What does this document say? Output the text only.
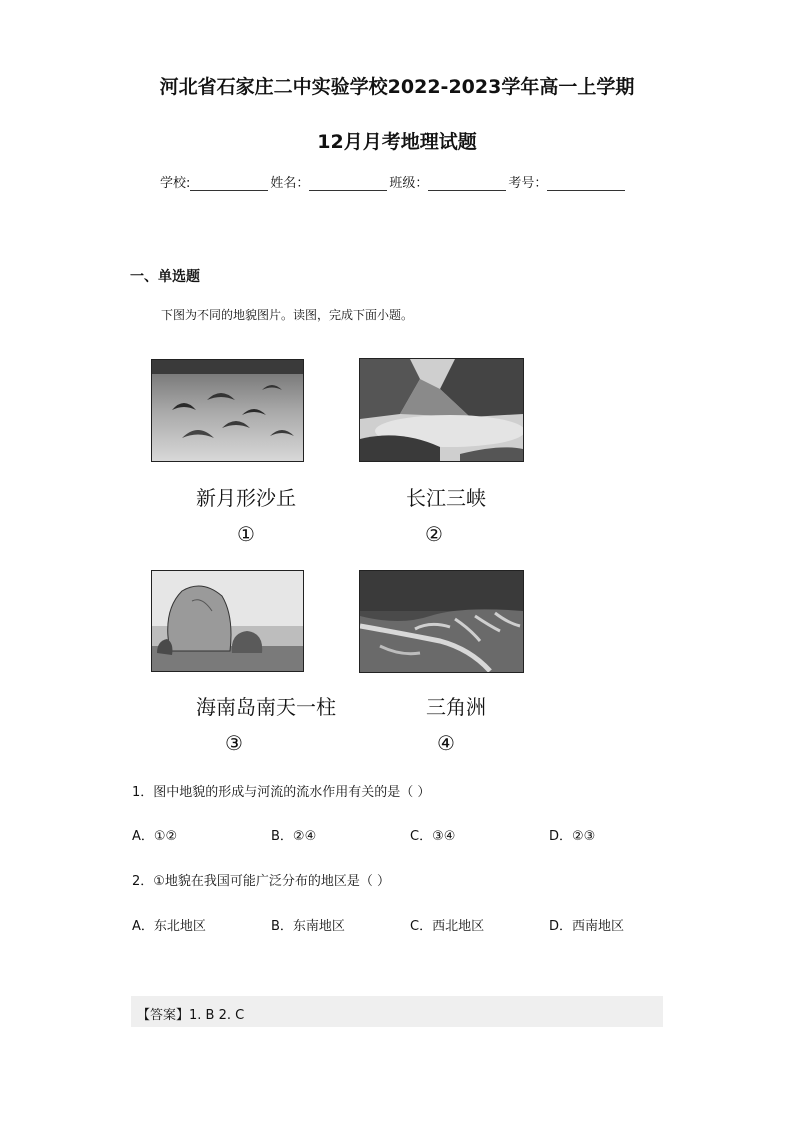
河北省石家庄二中实验学校2022-2023学年高一上学期
12月月考地理试题
学校:	姓名：	班级：	考号：
一、单选题
下图为不同的地貌图片。读图，完成下面小题。
新月形沙丘	长江三峡
①	②
海南岛南天一柱	三角洲
③	④
1．图中地貌的形成与河流的流水作用有关的是（ ）
A．①②	B．②④	C．③④	D．②③
2．①地貌在我国可能广泛分布的地区是（ ）
A．东北地区	B．东南地区	C．西北地区	D．西南地区
【答案】1. B 2. C
